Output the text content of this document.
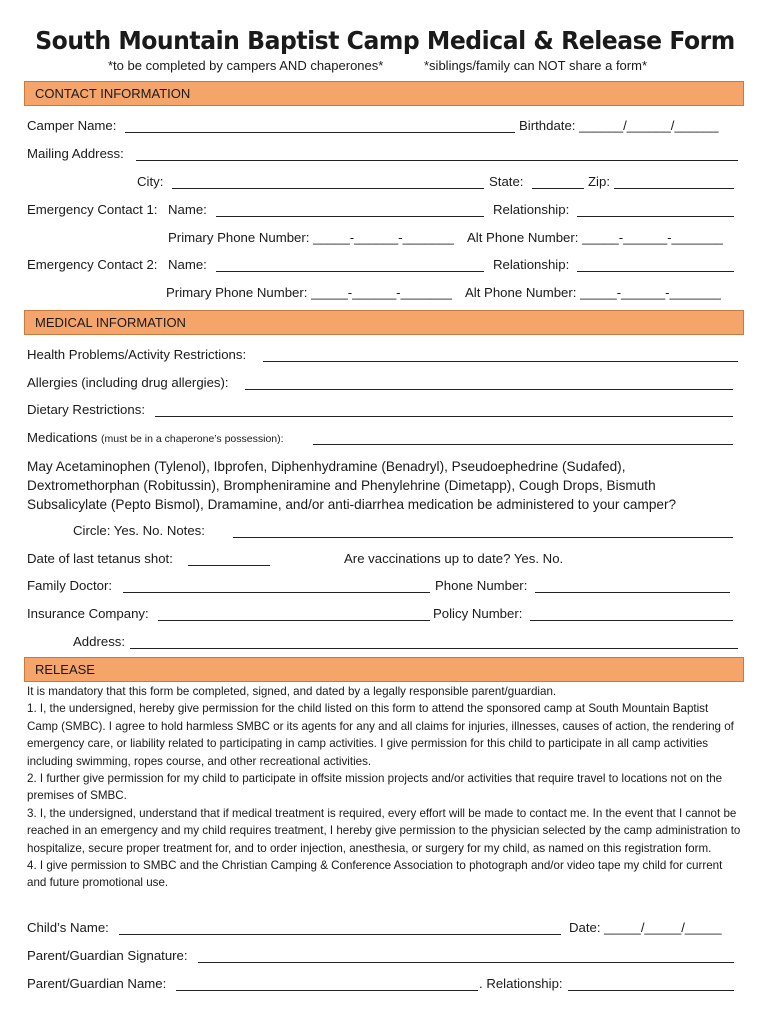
South Mountain Baptist Camp Medical & Release Form
*to be completed by campers AND chaperones*	*siblings/family can NOT share a form*
CONTACT INFORMATION
Camper Name:	Birthdate: ______/______/______
Mailing Address:
City:	State:	Zip:
Emergency Contact 1: Name:	Relationship:
Primary Phone Number: _____-______-_______ Alt Phone Number: _____-______-_______
Emergency Contact 2: Name:	Relationship:
Primary Phone Number: _____-______-_______ Alt Phone Number: _____-______-_______
MEDICAL INFORMATION
Health Problems/Activity Restrictions:
Allergies (including drug allergies):
Dietary Restrictions:
Medications (must be in a chaperone’s possession):
May Acetaminophen (Tylenol), Ibprofen, Diphenhydramine (Benadryl), Pseudoephedrine (Sudafed),
Dextromethorphan (Robitussin), Brompheniramine and Phenylehrine (Dimetapp), Cough Drops, Bismuth
Subsalicylate (Pepto Bismol), Dramamine, and/or anti-diarrhea medication be administered to your camper?
Circle: Yes. No. Notes:
Date of last tetanus shot:	Are vaccinations up to date? Yes. No.
Family Doctor:	Phone Number:
Insurance Company:	Policy Number:
Address:
RELEASE

It is mandatory that this form be completed, signed, and dated by a legally responsible parent/guardian.

1. I, the undersigned, hereby give permission for the child listed on this form to attend the sponsored camp at South Mountain Baptist Camp (SMBC). I agree to hold harmless SMBC or its agents for any and all claims for injuries, illnesses, causes of action, the rendering of emergency care, or liability related to participating in camp activities. I give permission for this child to participate in all camp activities including swimming, ropes course, and other recreational activities.

2. I further give permission for my child to participate in offsite mission projects and/or activities that require travel to locations not on the premises of SMBC.

3. I, the undersigned, understand that if medical treatment is required, every effort will be made to contact me. In the event that I cannot be reached in an emergency and my child requires treatment, I hereby give permission to the physician selected by the camp administration to hospitalize, secure proper treatment for, and to order injection, anesthesia, or surgery for my child, as named on this registration form.

4. I give permission to SMBC and the Christian Camping & Conference Association to photograph and/or video tape my child for current and future promotional use.

Child’s Name:	Date: _____/_____/_____
Parent/Guardian Signature:
Parent/Guardian Name:	. Relationship:
